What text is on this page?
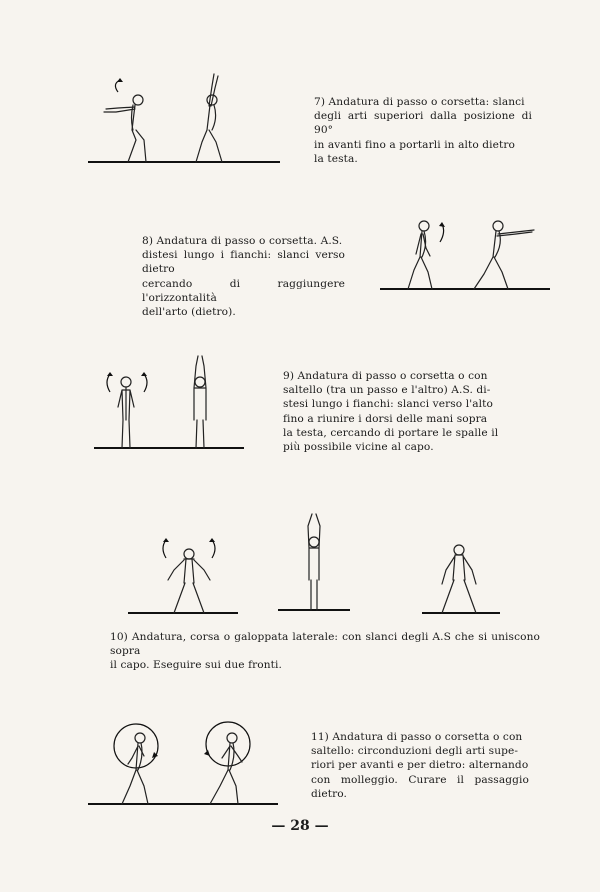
7) Andatura di passo o corsetta: slanci

degli arti superiori dalla posizione di 90°

in avanti fino a portarli in alto dietro

la testa.

8) Andatura di passo o corsetta. A.S.

distesi lungo i fianchi: slanci verso dietro

cercando di raggiungere l'orizzontalità

dell'arto (dietro).

9) Andatura di passo o corsetta o con

saltello (tra un passo e l'altro) A.S. di-

stesi lungo i fianchi: slanci verso l'alto

fino a riunire i dorsi delle mani sopra

la testa, cercando di portare le spalle il

più possibile vicine al capo.

10) Andatura, corsa o galoppata laterale: con slanci degli A.S che si uniscono sopra

il capo. Eseguire sui due fronti.

11) Andatura di passo o corsetta o con

saltello: circonduzioni degli arti supe-

riori per avanti e per dietro: alternando

con molleggio. Curare il passaggio dietro.

— 28 —
